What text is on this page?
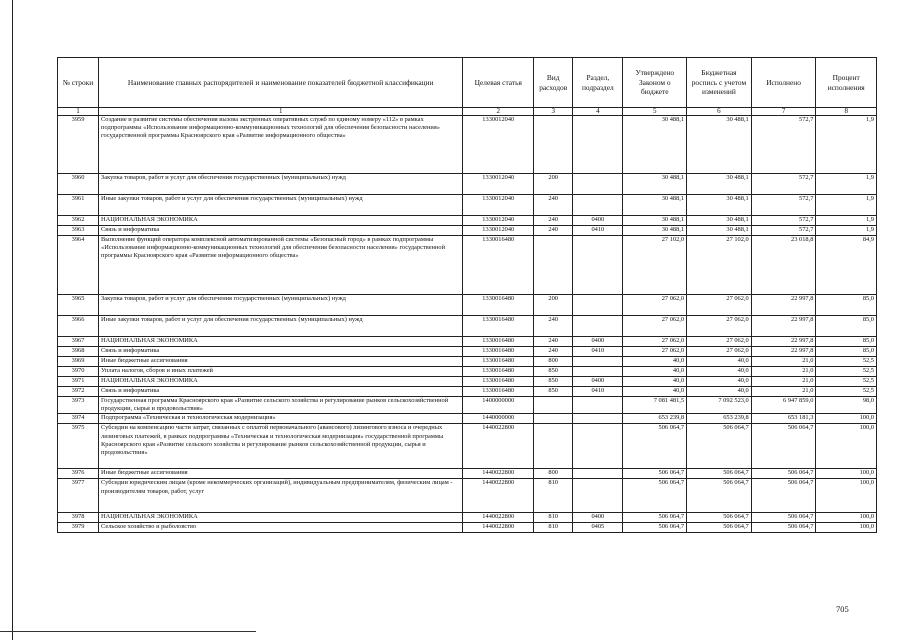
№ строки	Наименование главных распорядителей и наименование показателей бюджетной классификации	Целевая статья	Вид расходов	Раздел, подраздел	Утверждено Законом о бюджете	Бюджетная роспись с учетом изменений	Исполнено	Процент исполнения
1	1	2	3	4	5	6	7	8
3959	Создание и развитие системы обеспечения вызова экстренных оперативных служб по единому номеру «112» в рамках подпрограммы «Использование информационно-коммуникационных технологий для обеспечения безопасности населения» государственной программы Красноярского края «Развитие информационного общества»	1330012040			30 488,1	30 488,1	572,7	1,9
3960	Закупка товаров, работ и услуг для обеспечения государственных (муниципальных) нужд	1330012040	200		30 488,1	30 488,1	572,7	1,9
3961	Иные закупки товаров, работ и услуг для обеспечения государственных (муниципальных) нужд	1330012040	240		30 488,1	30 488,1	572,7	1,9
3962	НАЦИОНАЛЬНАЯ ЭКОНОМИКА	1330012040	240	0400	30 488,1	30 488,1	572,7	1,9
3963	Связь и информатика	1330012040	240	0410	30 488,1	30 488,1	572,7	1,9
3964	Выполнение функций оператора комплексной автоматизированной системы «Безопасный город» в рамках подпрограммы «Использование информационно-коммуникационных технологий для обеспечения безопасности населения» государственной программы Красноярского края «Развитие информационного общества»	1330016480			27 102,0	27 102,0	23 018,8	84,9
3965	Закупка товаров, работ и услуг для обеспечения государственных (муниципальных) нужд	1330016480	200		27 062,0	27 062,0	22 997,8	85,0
3966	Иные закупки товаров, работ и услуг для обеспечения государственных (муниципальных) нужд	1330016480	240		27 062,0	27 062,0	22 997,8	85,0
3967	НАЦИОНАЛЬНАЯ ЭКОНОМИКА	1330016480	240	0400	27 062,0	27 062,0	22 997,8	85,0
3968	Связь и информатика	1330016480	240	0410	27 062,0	27 062,0	22 997,8	85,0
3969	Иные бюджетные ассигнования	1330016480	800		40,0	40,0	21,0	52,5
3970	Уплата налогов, сборов и иных платежей	1330016480	850		40,0	40,0	21,0	52,5
3971	НАЦИОНАЛЬНАЯ ЭКОНОМИКА	1330016480	850	0400	40,0	40,0	21,0	52,5
3972	Связь и информатика	1330016480	850	0410	40,0	40,0	21,0	52,5
3973	Государственная программа Красноярского края «Развитие сельского хозяйства и регулирование рынков сельскохозяйственной продукции, сырья и продовольствия»	1400000000			7 081 481,5	7 092 523,0	6 947 859,0	98,0
3974	Подпрограмма «Техническая и технологическая модернизация»	1440000000			653 239,8	653 239,8	653 181,3	100,0
3975	Субсидии на компенсацию части затрат, связанных с оплатой первоначального (авансового) лизингового взноса и очередных лизинговых платежей, в рамках подпрограммы «Техническая и технологическая модернизация» государственной программы Красноярского края «Развитие сельского хозяйства и регулирование рынков сельскохозяйственной продукции, сырья и продовольствия»	1440022800			506 064,7	506 064,7	506 064,7	100,0
3976	Иные бюджетные ассигнования	1440022800	800		506 064,7	506 064,7	506 064,7	100,0
3977	Субсидии юридическим лицам (кроме некоммерческих организаций), индивидуальным предпринимателям, физическим лицам - производителям товаров, работ, услуг	1440022800	810		506 064,7	506 064,7	506 064,7	100,0
3978	НАЦИОНАЛЬНАЯ ЭКОНОМИКА	1440022800	810	0400	506 064,7	506 064,7	506 064,7	100,0
3979	Сельское хозяйство и рыболовство	1440022800	810	0405	506 064,7	506 064,7	506 064,7	100,0
705
